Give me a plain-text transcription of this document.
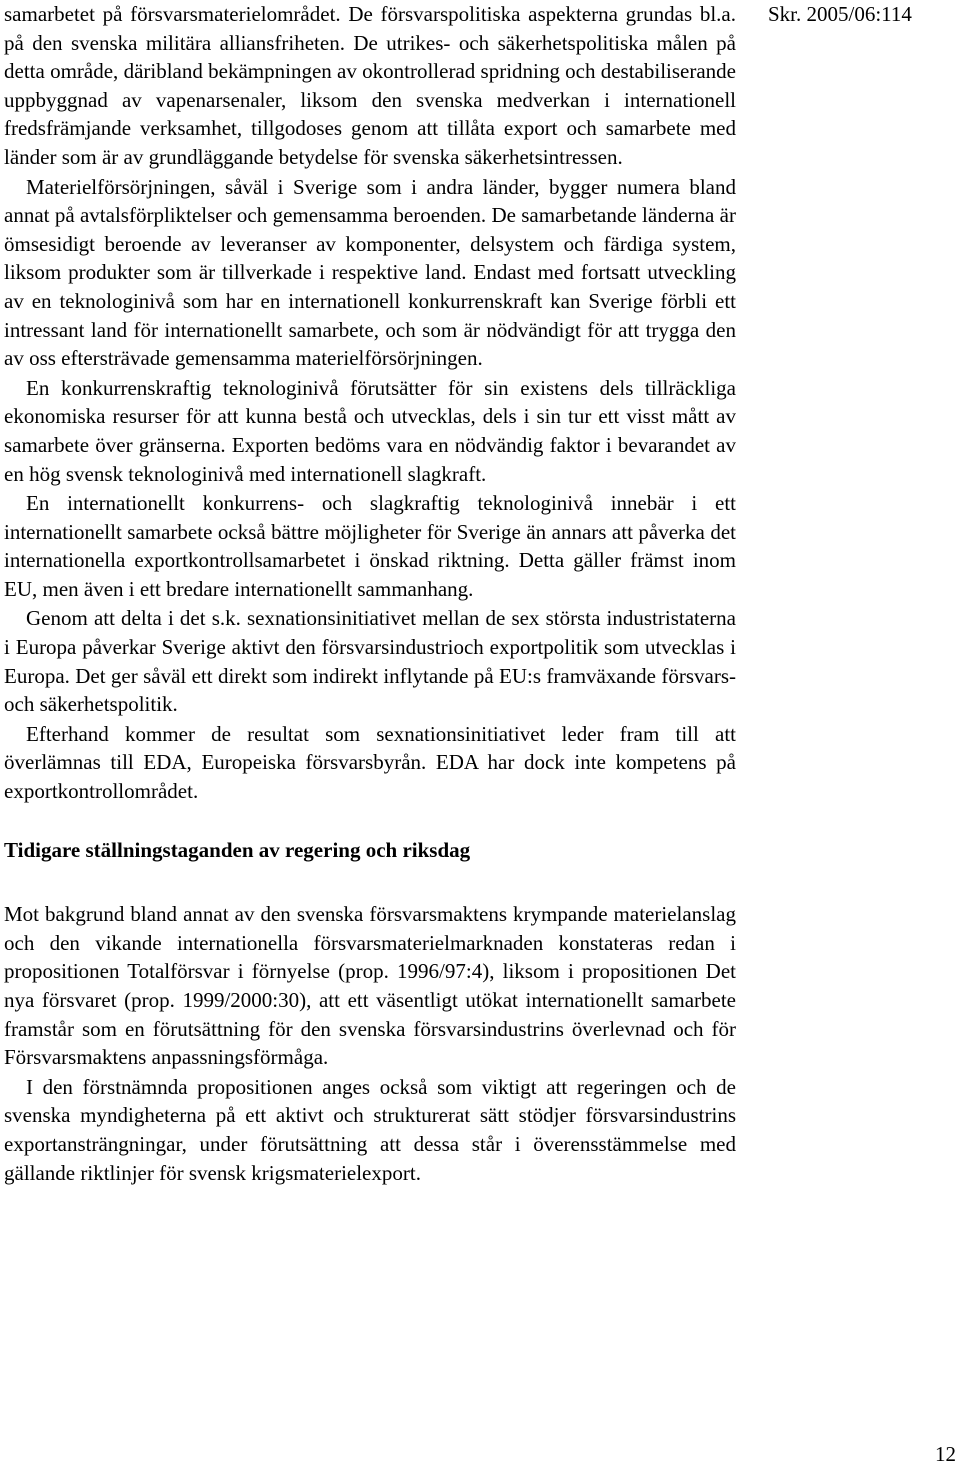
Skr. 2005/06:114

samarbetet på försvarsmaterielområdet. De försvarspolitiska aspekterna grundas bl.a. på den svenska militära alliansfriheten. De utrikes- och säkerhetspolitiska målen på detta område, däribland bekämpningen av okontrollerad spridning och destabiliserande uppbyggnad av vapenarsenaler, liksom den svenska medverkan i internationell fredsfrämjande verksamhet, tillgodoses genom att tillåta export och samarbete med länder som är av grundläggande betydelse för svenska säkerhetsintressen.

Materielförsörjningen, såväl i Sverige som i andra länder, bygger numera bland annat på avtalsförpliktelser och gemensamma beroenden. De samarbetande länderna är ömsesidigt beroende av leveranser av komponenter, delsystem och färdiga system, liksom produkter som är tillverkade i respektive land. Endast med fortsatt utveckling av en teknologinivå som har en internationell konkurrenskraft kan Sverige förbli ett intressant land för internationellt samarbete, och som är nödvändigt för att trygga den av oss eftersträvade gemensamma materielförsörjningen.

En konkurrenskraftig teknologinivå förutsätter för sin existens dels tillräckliga ekonomiska resurser för att kunna bestå och utvecklas, dels i sin tur ett visst mått av samarbete över gränserna. Exporten bedöms vara en nödvändig faktor i bevarandet av en hög svensk teknologinivå med internationell slagkraft.

En internationellt konkurrens- och slagkraftig teknologinivå innebär i ett internationellt samarbete också bättre möjligheter för Sverige än annars att påverka det internationella exportkontrollsamarbetet i önskad riktning. Detta gäller främst inom EU, men även i ett bredare internationellt sammanhang.

Genom att delta i det s.k. sexnationsinitiativet mellan de sex största industristaterna i Europa påverkar Sverige aktivt den försvarsindustrioch exportpolitik som utvecklas i Europa. Det ger såväl ett direkt som indirekt inflytande på EU:s framväxande försvars- och säkerhetspolitik.

Efterhand kommer de resultat som sexnationsinitiativet leder fram till att överlämnas till EDA, Europeiska försvarsbyrån. EDA har dock inte kompetens på exportkontrollområdet.

Tidigare ställningstaganden av regering och riksdag

Mot bakgrund bland annat av den svenska försvarsmaktens krympande materielanslag och den vikande internationella försvarsmaterielmarknaden konstateras redan i propositionen Totalförsvar i förnyelse (prop. 1996/97:4), liksom i propositionen Det nya försvaret (prop. 1999/2000:30), att ett väsentligt utökat internationellt samarbete framstår som en förutsättning för den svenska försvarsindustrins överlevnad och för Försvarsmaktens anpassningsförmåga.

I den förstnämnda propositionen anges också som viktigt att regeringen och de svenska myndigheterna på ett aktivt och strukturerat sätt stödjer försvarsindustrins exportansträngningar, under förutsättning att dessa står i överensstämmelse med gällande riktlinjer för svensk krigsmaterielexport.

12
